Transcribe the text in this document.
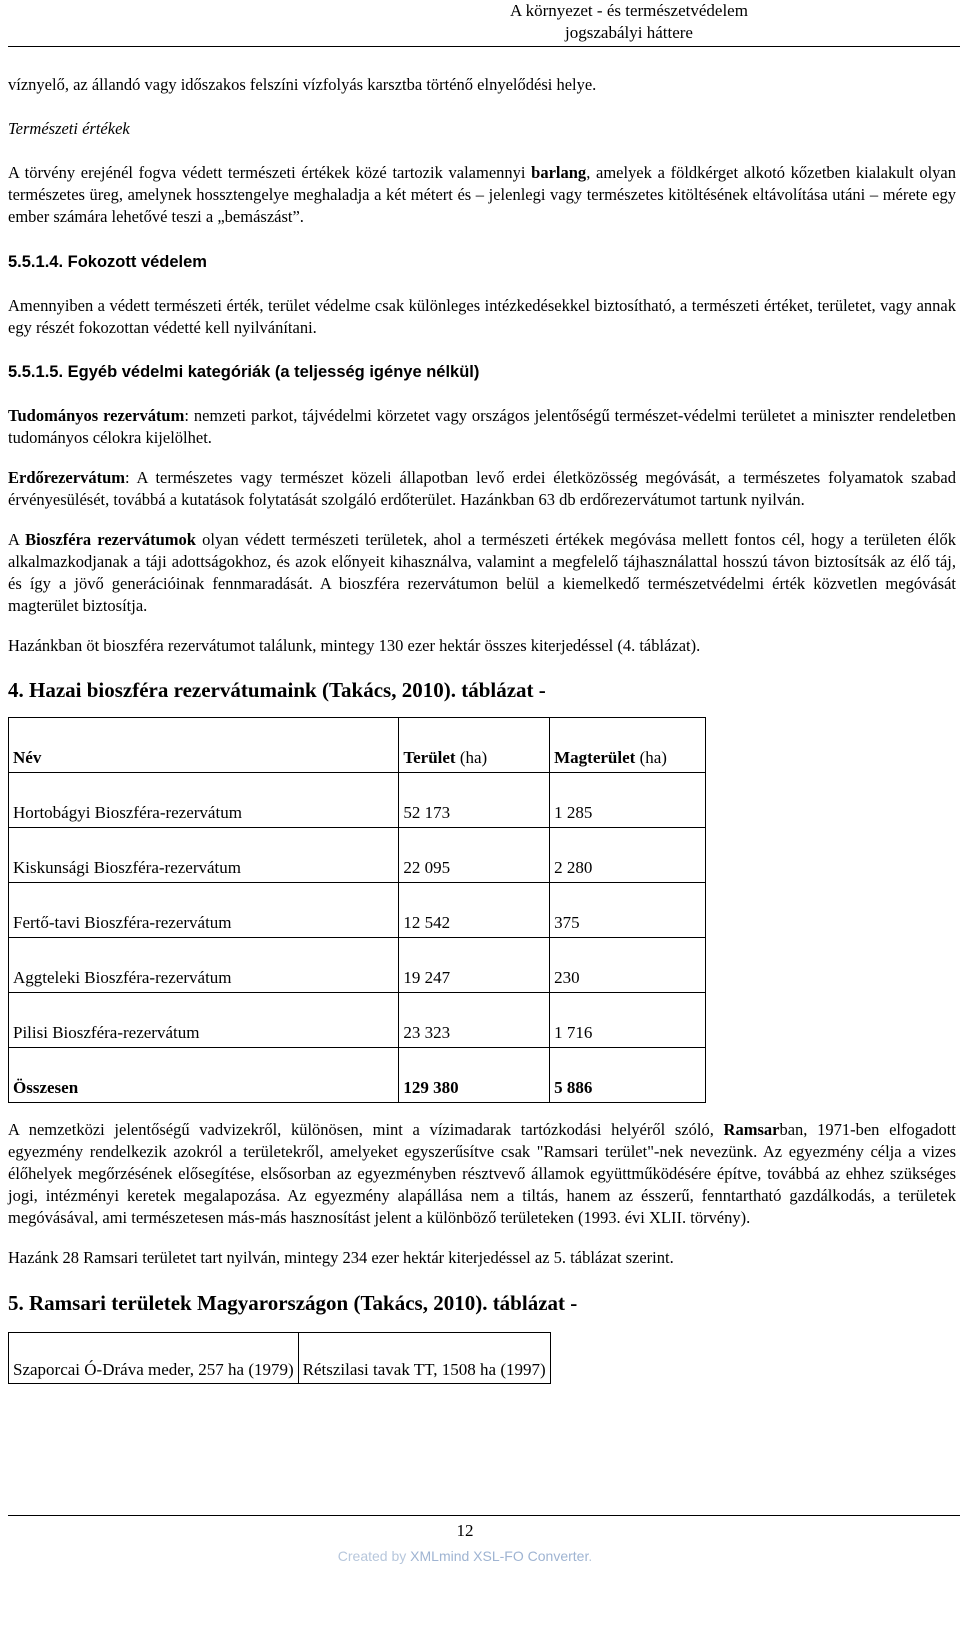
A környezet - és természetvédelem
jogszabályi háttere

víznyelő, az állandó vagy időszakos felszíni vízfolyás karsztba történő elnyelődési helye.

Természeti értékek

A törvény erejénél fogva védett természeti értékek közé tartozik valamennyi barlang, amelyek a földkérget alkotó kőzetben kialakult olyan természetes üreg, amelynek hossztengelye meghaladja a két métert és – jelenlegi vagy természetes kitöltésének eltávolítása utáni – mérete egy ember számára lehetővé teszi a „bemászást”.

5.5.1.4. Fokozott védelem

Amennyiben a védett természeti érték, terület védelme csak különleges intézkedésekkel biztosítható, a természeti értéket, területet, vagy annak egy részét fokozottan védetté kell nyilvánítani.

5.5.1.5. Egyéb védelmi kategóriák (a teljesség igénye nélkül)

Tudományos rezervátum: nemzeti parkot, tájvédelmi körzetet vagy országos jelentőségű természet-védelmi területet a miniszter rendeletben tudományos célokra kijelölhet.

Erdőrezervátum: A természetes vagy természet közeli állapotban levő erdei életközösség megóvását, a természetes folyamatok szabad érvényesülését, továbbá a kutatások folytatását szolgáló erdőterület. Hazánkban 63 db erdőrezervátumot tartunk nyilván.

A Bioszféra rezervátumok olyan védett természeti területek, ahol a természeti értékek megóvása mellett fontos cél, hogy a területen élők alkalmazkodjanak a táji adottságokhoz, és azok előnyeit kihasználva, valamint a megfelelő tájhasználattal hosszú távon biztosítsák az élő táj, és így a jövő generációinak fennmaradását. A bioszféra rezervátumon belül a kiemelkedő természetvédelmi érték közvetlen megóvását magterület biztosítja.

Hazánkban öt bioszféra rezervátumot találunk, mintegy 130 ezer hektár összes kiterjedéssel (4. táblázat).

4. Hazai bioszféra rezervátumaink (Takács, 2010). táblázat -

Név	Terület (ha)	Magterület (ha)
Hortobágyi Bioszféra-rezervátum	52 173	1 285
Kiskunsági Bioszféra-rezervátum	22 095	2 280
Fertő-tavi Bioszféra-rezervátum	12 542	375
Aggteleki Bioszféra-rezervátum	19 247	230
Pilisi Bioszféra-rezervátum	23 323	1 716
Összesen	129 380	5 886

A nemzetközi jelentőségű vadvizekről, különösen, mint a vízimadarak tartózkodási helyéről szóló, Ramsarban, 1971-ben elfogadott egyezmény rendelkezik azokról a területekről, amelyeket egyszerűsítve csak "Ramsari terület"-nek nevezünk. Az egyezmény célja a vizes élőhelyek megőrzésének elősegítése, elsősorban az egyezményben résztvevő államok együttműködésére építve, továbbá az ehhez szükséges jogi, intézményi keretek megalapozása. Az egyezmény alapállása nem a tiltás, hanem az ésszerű, fenntartható gazdálkodás, a területek megóvásával, ami természetesen más-más hasznosítást jelent a különböző területeken (1993. évi XLII. törvény).

Hazánk 28 Ramsari területet tart nyilván, mintegy 234 ezer hektár kiterjedéssel az 5. táblázat szerint.

5. Ramsari területek Magyarországon (Takács, 2010). táblázat -

Szaporcai Ó-Dráva meder, 257 ha (1979)	Rétszilasi tavak TT, 1508 ha (1997)
12
Created by XMLmind XSL-FO Converter.
